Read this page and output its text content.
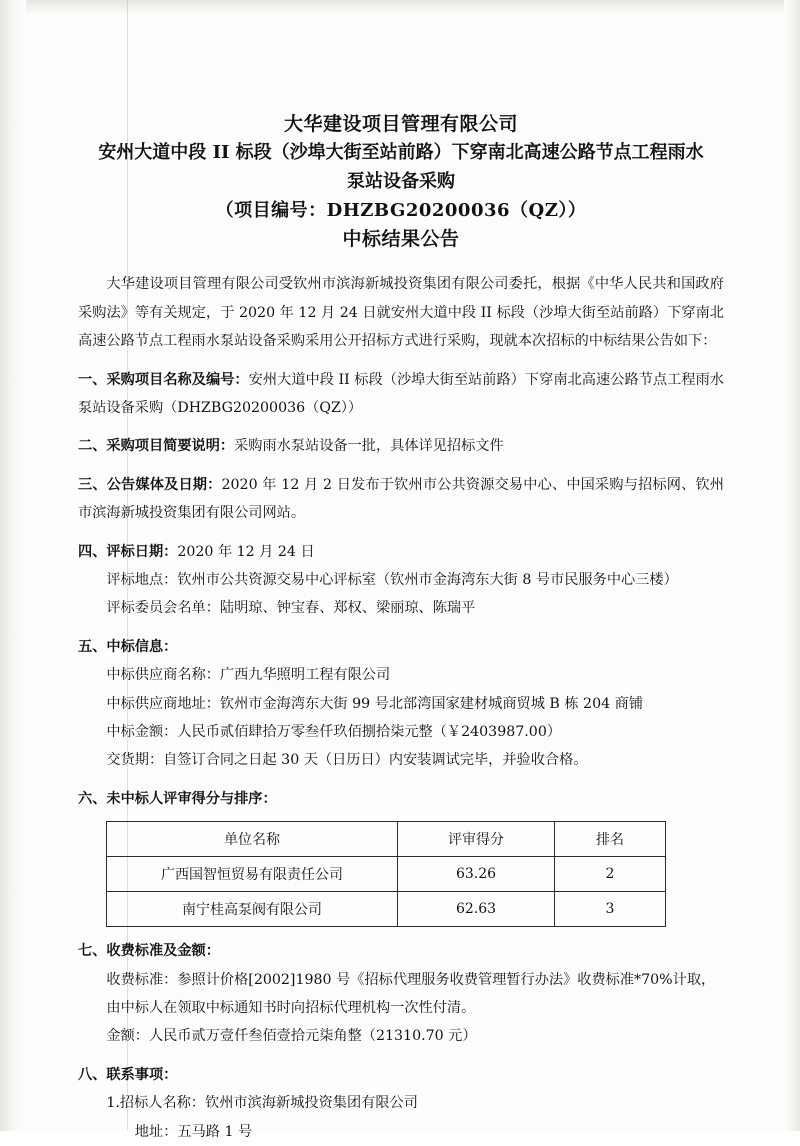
大华建设项目管理有限公司
安州大道中段 II 标段（沙埠大街至站前路）下穿南北高速公路节点工程雨水泵站设备采购
（项目编号：DHZBG20200036（QZ））
中标结果公告
大华建设项目管理有限公司受钦州市滨海新城投资集团有限公司委托，根据《中华人民共和国政府采购法》等有关规定，于 2020 年 12 月 24 日就安州大道中段 II 标段（沙埠大街至站前路）下穿南北高速公路节点工程雨水泵站设备采购采用公开招标方式进行采购，现就本次招标的中标结果公告如下：
一、采购项目名称及编号：安州大道中段 II 标段（沙埠大街至站前路）下穿南北高速公路节点工程雨水泵站设备采购（DHZBG20200036（QZ））
二、采购项目简要说明：采购雨水泵站设备一批，具体详见招标文件
三、公告媒体及日期：2020 年 12 月 2 日发布于钦州市公共资源交易中心、中国采购与招标网、钦州市滨海新城投资集团有限公司网站。
四、评标日期：2020 年 12 月 24 日
评标地点：钦州市公共资源交易中心评标室（钦州市金海湾东大街 8 号市民服务中心三楼）
评标委员会名单：陆明琼、钟宝春、郑权、梁丽琼、陈瑞平
五、中标信息：
中标供应商名称：广西九华照明工程有限公司
中标供应商地址：钦州市金海湾东大街 99 号北部湾国家建材城商贸城 B 栋 204 商铺
中标金额：人民币贰佰肆拾万零叁仟玖佰捌拾柒元整（￥2403987.00）
交货期：自签订合同之日起 30 天（日历日）内安装调试完毕，并验收合格。
六、未中标人评审得分与排序：
单位名称	评审得分	排名
广西国智恒贸易有限责任公司	63.26	2
南宁桂高泵阀有限公司	62.63	3
七、收费标准及金额：
收费标准：参照计价格[2002]1980 号《招标代理服务收费管理暂行办法》收费标准*70%计取，由中标人在领取中标通知书时向招标代理机构一次性付清。
金额：人民币贰万壹仟叁佰壹拾元柒角整（21310.70 元）
八、联系事项：
1.招标人名称：钦州市滨海新城投资集团有限公司
地址：五马路 1 号
